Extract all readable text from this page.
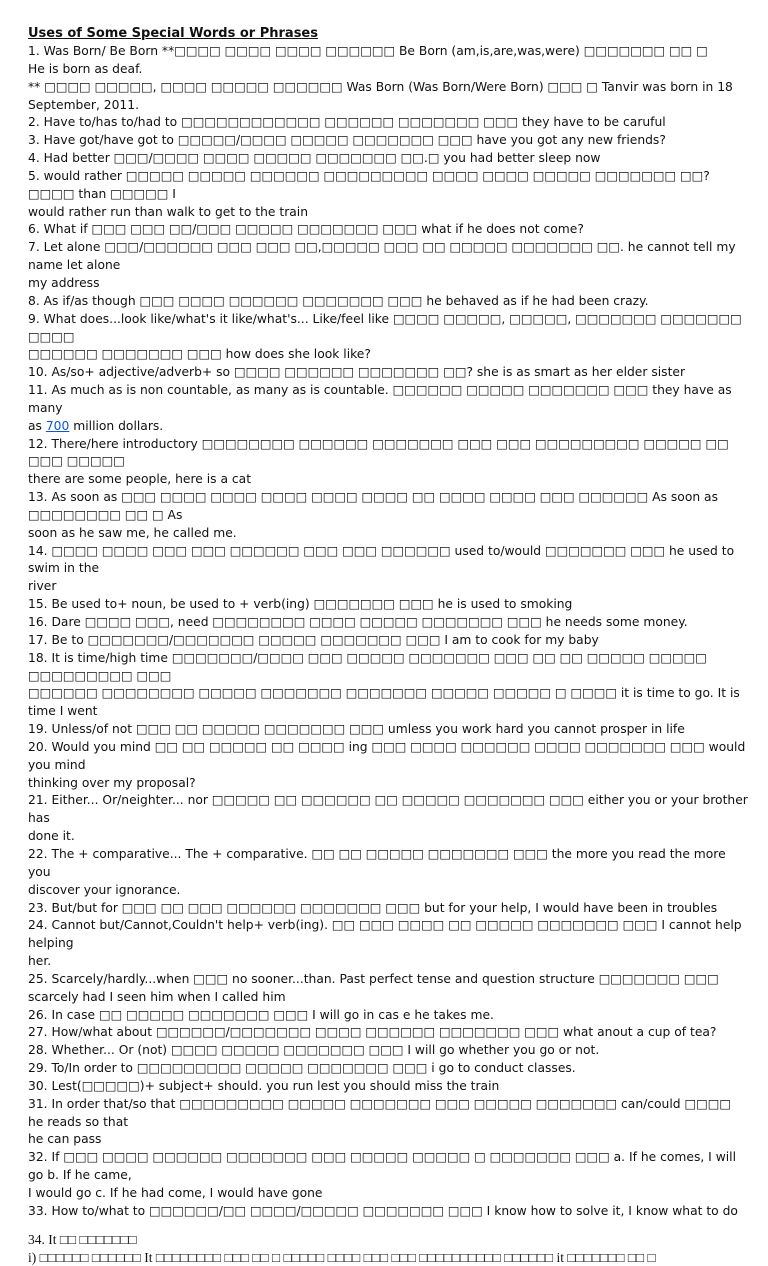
Uses of Some Special Words or Phrases
1. Was Born/ Be Born **□□□□ □□□□ □□□□ □□□□□□ Be Born (am,is,are,was,were) □□□□□□□ □□ □
He is born as deaf.
** □□□□ □□□□□, □□□□ □□□□□ □□□□□□ Was Born (Was Born/Were Born) □□□ □ Tanvir was born in 18
September, 2011.
2. Have to/has to/had to □□□□□□□□□□□□ □□□□□□ □□□□□□□ □□□ they have to be caruful
3. Have got/have got to □□□□□/□□□□ □□□□□ □□□□□□□ □□□ have you got any new friends?
4. Had better □□□/□□□□ □□□□ □□□□□ □□□□□□□ □□.□ you had better sleep now
5. would rather □□□□□ □□□□□ □□□□□□ □□□□□□□□□ □□□□ □□□□ □□□□□ □□□□□□□ □□? □□□□ than □□□□□ I
would rather run than walk to get to the train
6. What if □□□ □□□ □□/□□□ □□□□□ □□□□□□□ □□□ what if he does not come?
7. Let alone □□□/□□□□□□ □□□ □□□ □□,□□□□□ □□□ □□ □□□□□ □□□□□□□ □□. he cannot tell my name let alone
my address
8. As if/as though □□□ □□□□ □□□□□□ □□□□□□□ □□□ he behaved as if he had been crazy.
9. What does...look like/what's it like/what's... Like/feel like □□□□ □□□□□, □□□□□, □□□□□□□ □□□□□□□ □□□□
□□□□□□ □□□□□□□ □□□ how does she look like?
10. As/so+ adjective/adverb+ so □□□□ □□□□□□ □□□□□□□ □□? she is as smart as her elder sister
11. As much as is non countable, as many as is countable. □□□□□□ □□□□□ □□□□□□□ □□□ they have as many
as 700 million dollars.
12. There/here introductory □□□□□□□□ □□□□□□ □□□□□□□ □□□ □□□ □□□□□□□□□ □□□□□ □□ □□□ □□□□□
there are some people, here is a cat
13. As soon as □□□ □□□□ □□□□ □□□□ □□□□ □□□□ □□ □□□□ □□□□ □□□ □□□□□□ As soon as □□□□□□□□ □□ □ As
soon as he saw me, he called me.
14. □□□□ □□□□ □□□ □□□ □□□□□□ □□□ □□□ □□□□□□ used to/would □□□□□□□ □□□ he used to swim in the
river
15. Be used to+ noun, be used to + verb(ing) □□□□□□□ □□□ he is used to smoking
16. Dare □□□□ □□□, need □□□□□□□□ □□□□ □□□□□ □□□□□□□ □□□ he needs some money.
17. Be to □□□□□□□/□□□□□□□ □□□□□ □□□□□□□ □□□ I am to cook for my baby
18. It is time/high time □□□□□□□/□□□□ □□□ □□□□□ □□□□□□□ □□□ □□ □□ □□□□□ □□□□□ □□□□□□□□□ □□□
□□□□□□ □□□□□□□□ □□□□□ □□□□□□□ □□□□□□□ □□□□□ □□□□□ □ □□□□ it is time to go. It is time I went
19. Unless/of not □□□ □□ □□□□□ □□□□□□□ □□□ umless you work hard you cannot prosper in life
20. Would you mind □□ □□ □□□□□ □□ □□□□ ing □□□ □□□□ □□□□□□ □□□□ □□□□□□□ □□□ would you mind
thinking over my proposal?
21. Either... Or/neighter... nor □□□□□ □□ □□□□□□ □□ □□□□□ □□□□□□□ □□□ either you or your brother has
done it.
22. The + comparative... The + comparative. □□ □□ □□□□□ □□□□□□□ □□□ the more you read the more you
discover your ignorance.
23. But/but for □□□ □□ □□□ □□□□□□ □□□□□□□ □□□ but for your help, I would have been in troubles
24. Cannot but/Cannot,Couldn't help+ verb(ing). □□ □□□ □□□□ □□ □□□□□ □□□□□□□ □□□ I cannot help helping
her.
25. Scarcely/hardly...when □□□ no sooner...than. Past perfect tense and question structure □□□□□□□ □□□
scarcely had I seen him when I called him
26. In case □□ □□□□□ □□□□□□□ □□□ I will go in cas e he takes me.
27. How/what about □□□□□□/□□□□□□□ □□□□ □□□□□□ □□□□□□□ □□□ what anout a cup of tea?
28. Whether... Or (not) □□□□ □□□□□ □□□□□□□ □□□ I will go whether you go or not.
29. To/In order to □□□□□□□□□ □□□□□ □□□□□□□ □□□ i go to conduct classes.
30. Lest(□□□□□)+ subject+ should. you run lest you should miss the train
31. In order that/so that □□□□□□□□□ □□□□□ □□□□□□□ □□□ □□□□□ □□□□□□□ can/could □□□□ he reads so that
he can pass
32. If □□□ □□□□ □□□□□□ □□□□□□□ □□□ □□□□□ □□□□□ □ □□□□□□□ □□□ a. If he comes, I will go b. If he came,
I would go c. If he had come, I would have gone
33. How to/what to □□□□□□/□□ □□□□/□□□□□ □□□□□□□ □□□ I know how to solve it, I know what to do
34. It □□ □□□□□□□
i) □□□□□□ □□□□□□ It □□□□□□□□ □□□ □□ □ □□□□□ □□□□ □□□ □□□ □□□□□□□□□□ □□□□□□ it □□□□□□□ □□ □
